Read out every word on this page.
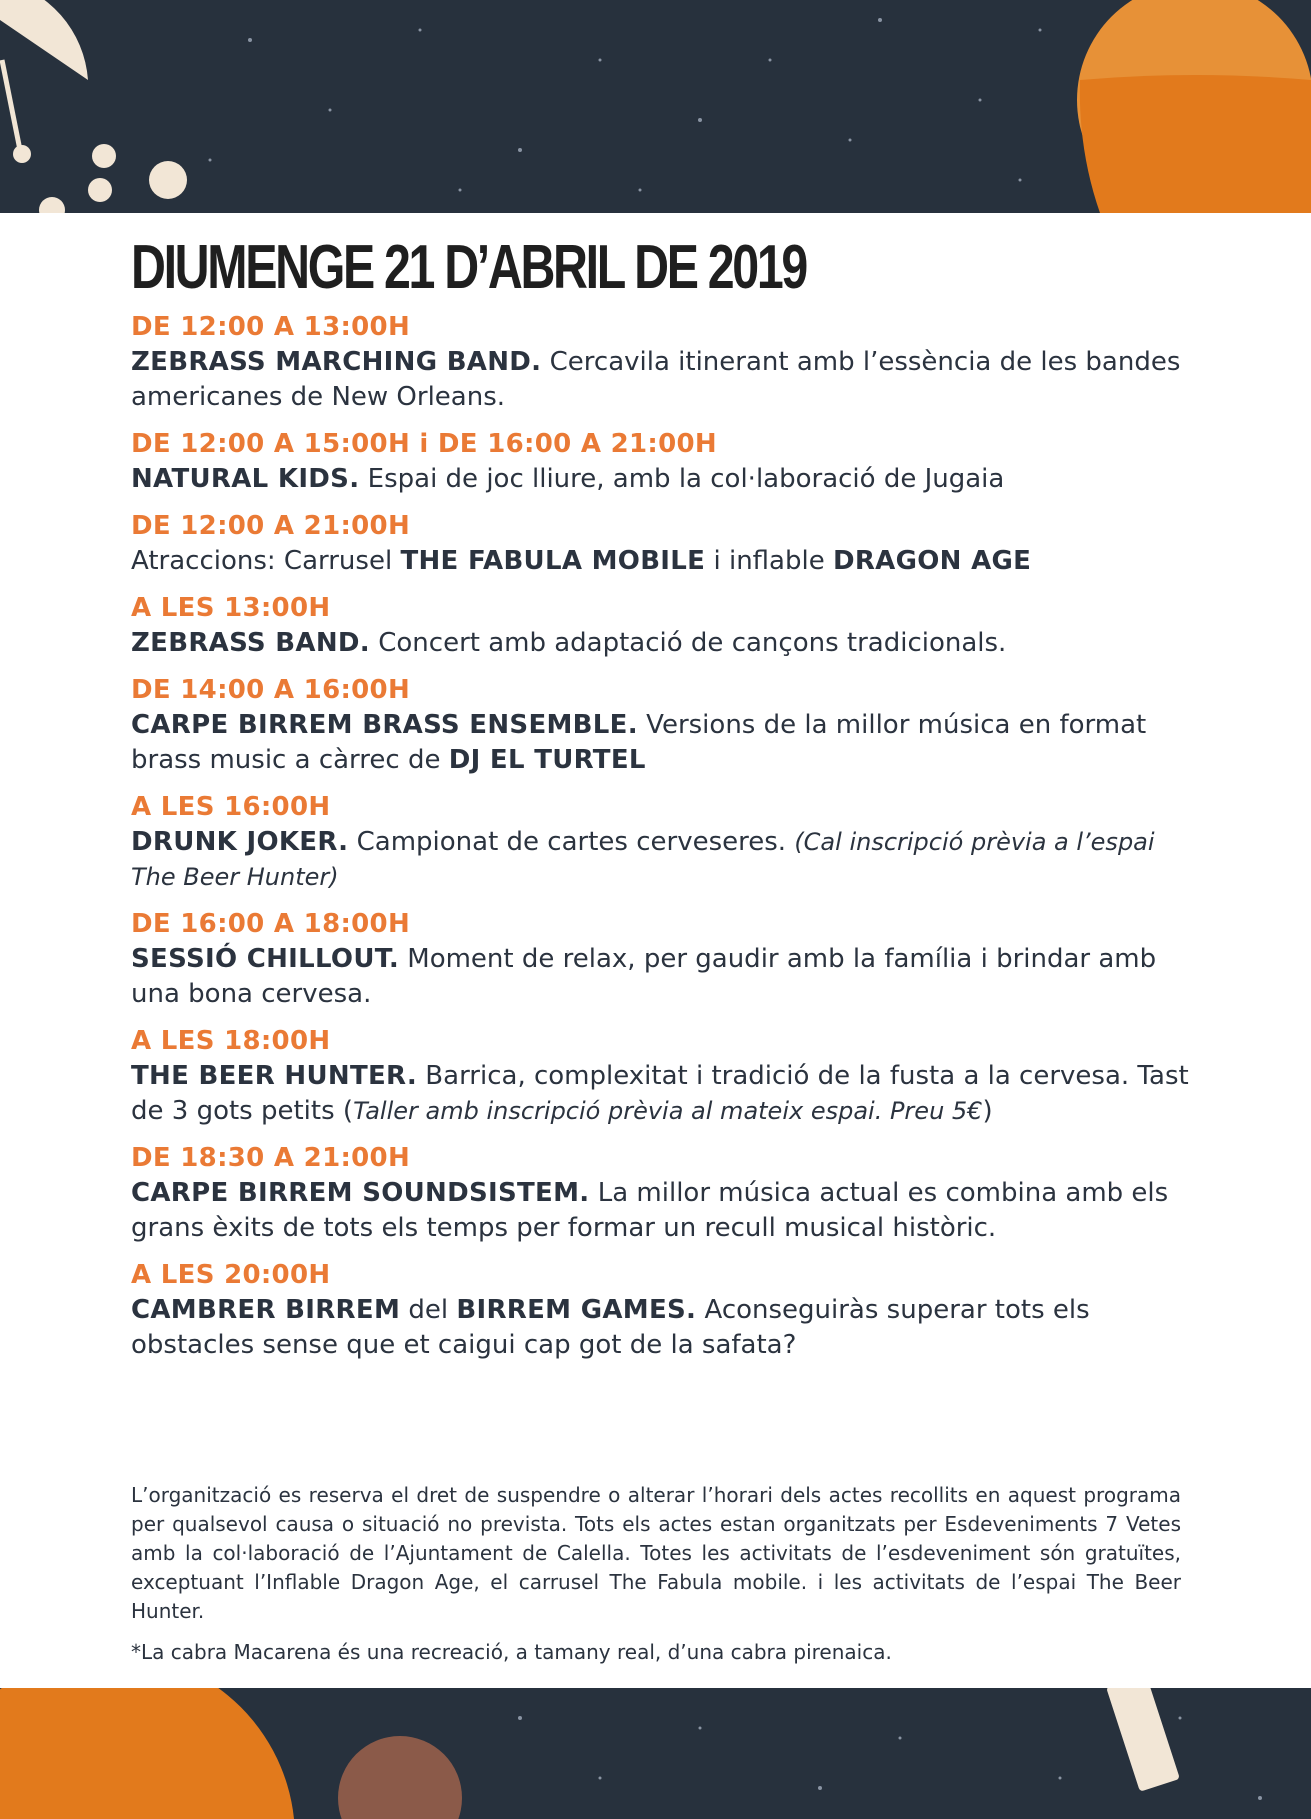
DIUMENGE 21 D’ABRIL DE 2019
DE 12:00 A 13:00H
ZEBRASS MARCHING BAND. Cercavila itinerant amb l’essència de les bandes americanes de New Orleans.
DE 12:00 A 15:00H i DE 16:00 A 21:00H
NATURAL KIDS. Espai de joc lliure, amb la col·laboració de Jugaia
DE 12:00 A 21:00H
Atraccions: Carrusel THE FABULA MOBILE i inflable DRAGON AGE
A LES 13:00H
ZEBRASS BAND. Concert amb adaptació de cançons tradicionals.
DE 14:00 A 16:00H
CARPE BIRREM BRASS ENSEMBLE. Versions de la millor música en format brass music a càrrec de DJ EL TURTEL
A LES 16:00H
DRUNK JOKER. Campionat de cartes cerveseres. (Cal inscripció prèvia a l’espai The Beer Hunter)
DE 16:00 A 18:00H
SESSIÓ CHILLOUT. Moment de relax, per gaudir amb la família i brindar amb una bona cervesa.
A LES 18:00H
THE BEER HUNTER. Barrica, complexitat i tradició de la fusta a la cervesa. Tast de 3 gots petits (Taller amb inscripció prèvia al mateix espai. Preu 5€)
DE 18:30 A 21:00H
CARPE BIRREM SOUNDSISTEM. La millor música actual es combina amb els grans èxits de tots els temps per formar un recull musical històric.
A LES 20:00H
CAMBRER BIRREM del BIRREM GAMES. Aconseguiràs superar tots els obstacles sense que et caigui cap got de la safata?
L’organització es reserva el dret de suspendre o alterar l’horari dels actes recollits en aquest programa per qualsevol causa o situació no prevista. Tots els actes estan organitzats per Esdeveniments 7 Vetes amb la col·laboració de l’Ajuntament de Calella. Totes les activitats de l’esdeveniment són gratuïtes, exceptuant l’Inflable Dragon Age, el carrusel The Fabula mobile. i les activitats de l’espai The Beer Hunter.
*La cabra Macarena és una recreació, a tamany real, d’una cabra pirenaica.
